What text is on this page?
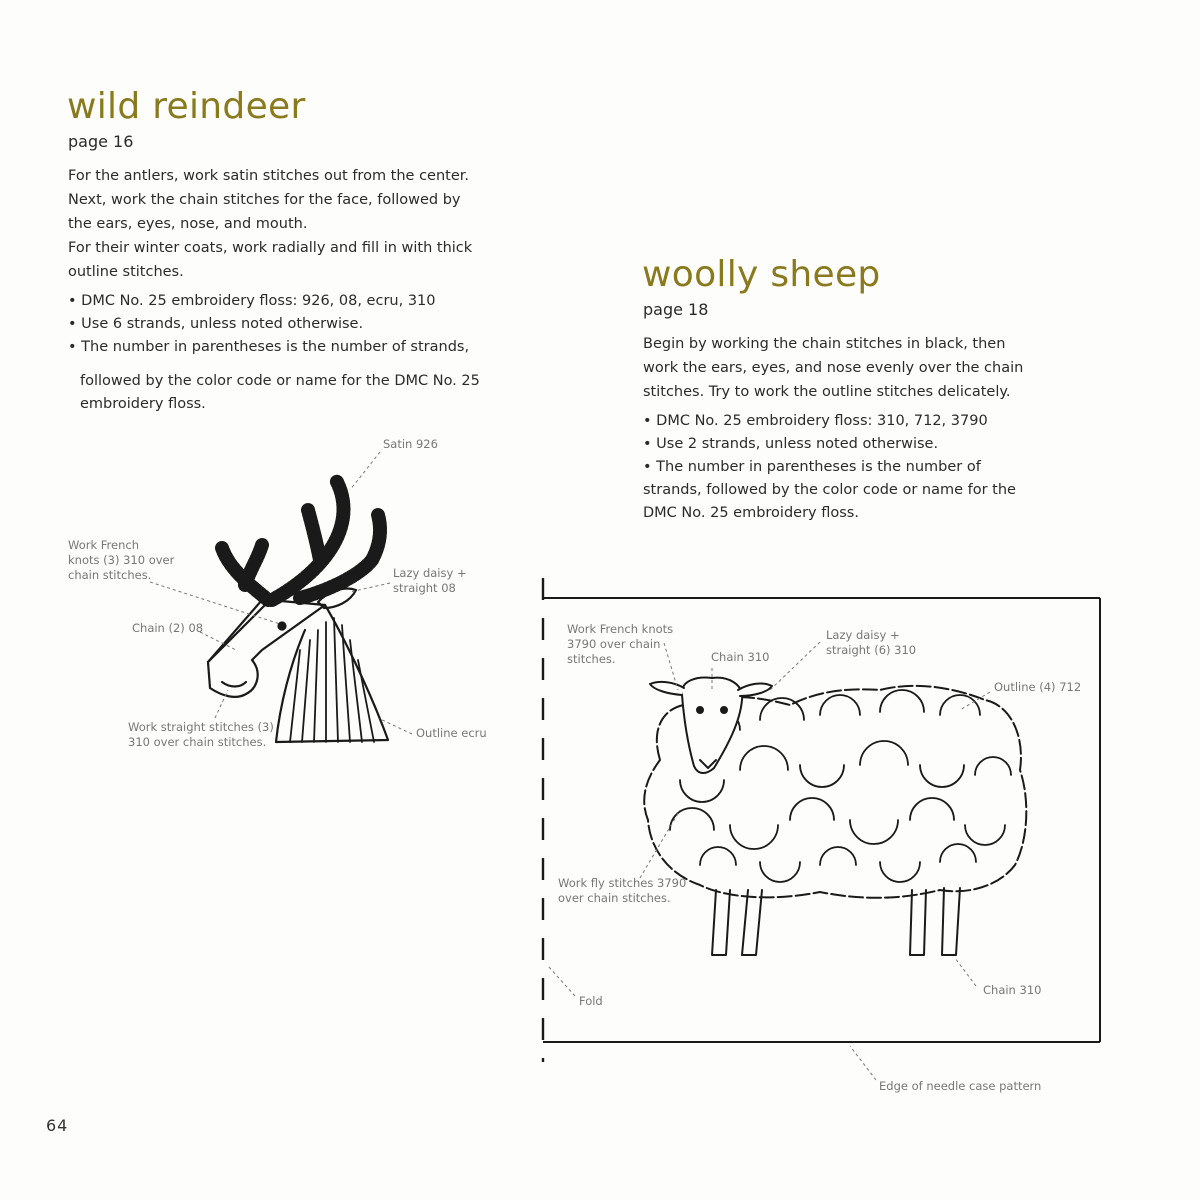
wild reindeer
page 16

For the antlers, work satin stitches out from the center. Next, work the chain stitches for the face, followed by the ears, eyes, nose, and mouth.

For their winter coats, work radially and fill in with thick outline stitches.

• DMC No. 25 embroidery floss: 926, 08, ecru, 310
• Use 6 strands, unless noted otherwise.
• The number in parentheses is the number of strands,
followed by the color code or name for the DMC No. 25 embroidery floss.
woolly sheep
page 18
Begin by working the chain stitches in black, then work the ears, eyes, and nose evenly over the chain stitches. Try to work the outline stitches delicately.
• DMC No. 25 embroidery floss: 310, 712, 3790
• Use 2 strands, unless noted otherwise.
• The number in parentheses is the number of strands, followed by the color code or name for the DMC No. 25 embroidery floss.
Satin 926
Work French
knots (3) 310 over
chain stitches.	Lazy daisy +
straight 08
Chain (2) 08
Work straight stitches (3)
310 over chain stitches.
Outline ecru
Work French knots
3790 over chain
stitches.	Chain 310
Lazy daisy +
straight (6) 310
Outline (4) 712
Work fly stitches 3790
over chain stitches.
Chain 310
Fold
Edge of needle case pattern
64
